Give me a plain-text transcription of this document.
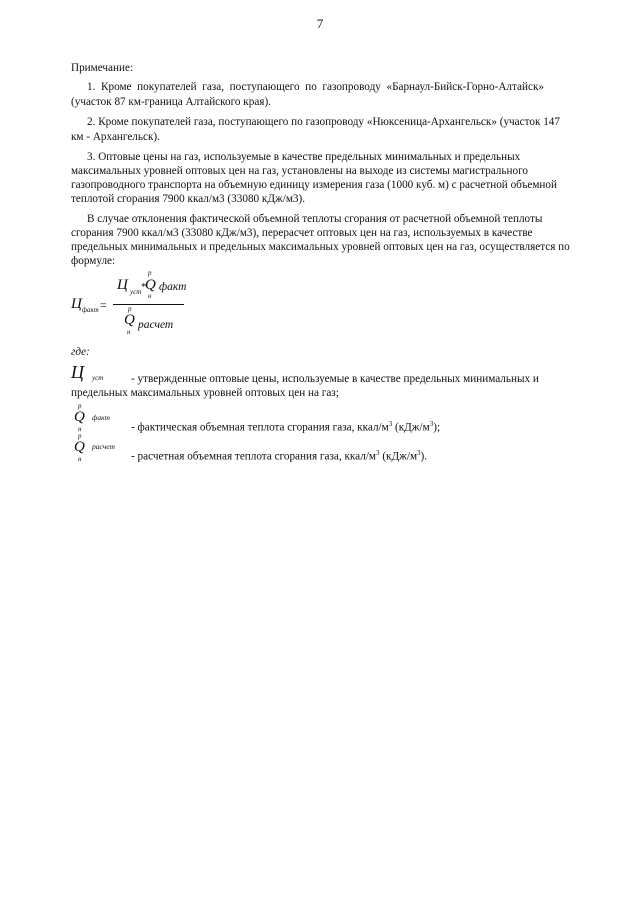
7
Примечание:
1. Кроме покупателей газа, поступающего по газопроводу «Барнаул-Бийск-Горно-Алтайск»
(участок 87 км-граница Алтайского края).
2. Кроме покупателей газа, поступающего по газопроводу «Нюксеница-Архангельск» (участок 147
км - Архангельск).
3. Оптовые цены на газ, используемые в качестве предельных минимальных и предельных
максимальных уровней оптовых цен на газ, установлены на выходе из системы магистрального
газопроводного транспорта на объемную единицу измерения газа (1000 куб. м) с расчетной объемной
теплотой сгорания 7900 ккал/м3 (33080 кДж/м3).
В случае отклонения фактической объемной теплоты сгорания от расчетной объемной теплоты
сгорания 7900 ккал/м3 (33080 кДж/м3), перерасчет оптовых цен на газ, используемых в качестве
предельных минимальных и предельных максимальных уровней оптовых цен на газ, осуществляется по
формуле:
Ц факт =
Ц уст *
р
Q
н
факт
р
Q
н
расчет
где:
Ц уст - утвержденные оптовые цены, используемые в качестве предельных минимальных и
предельных максимальных уровней оптовых цен на газ;
р
Q
н
факт
- фактическая объемная теплота сгорания газа, ккал/$м^3$ $(кДж/м^3)$;
р
Q
н
расчет
- расчетная объемная теплота сгорания газа, ккал/$м^3$ $(кДж/м^3)$.
